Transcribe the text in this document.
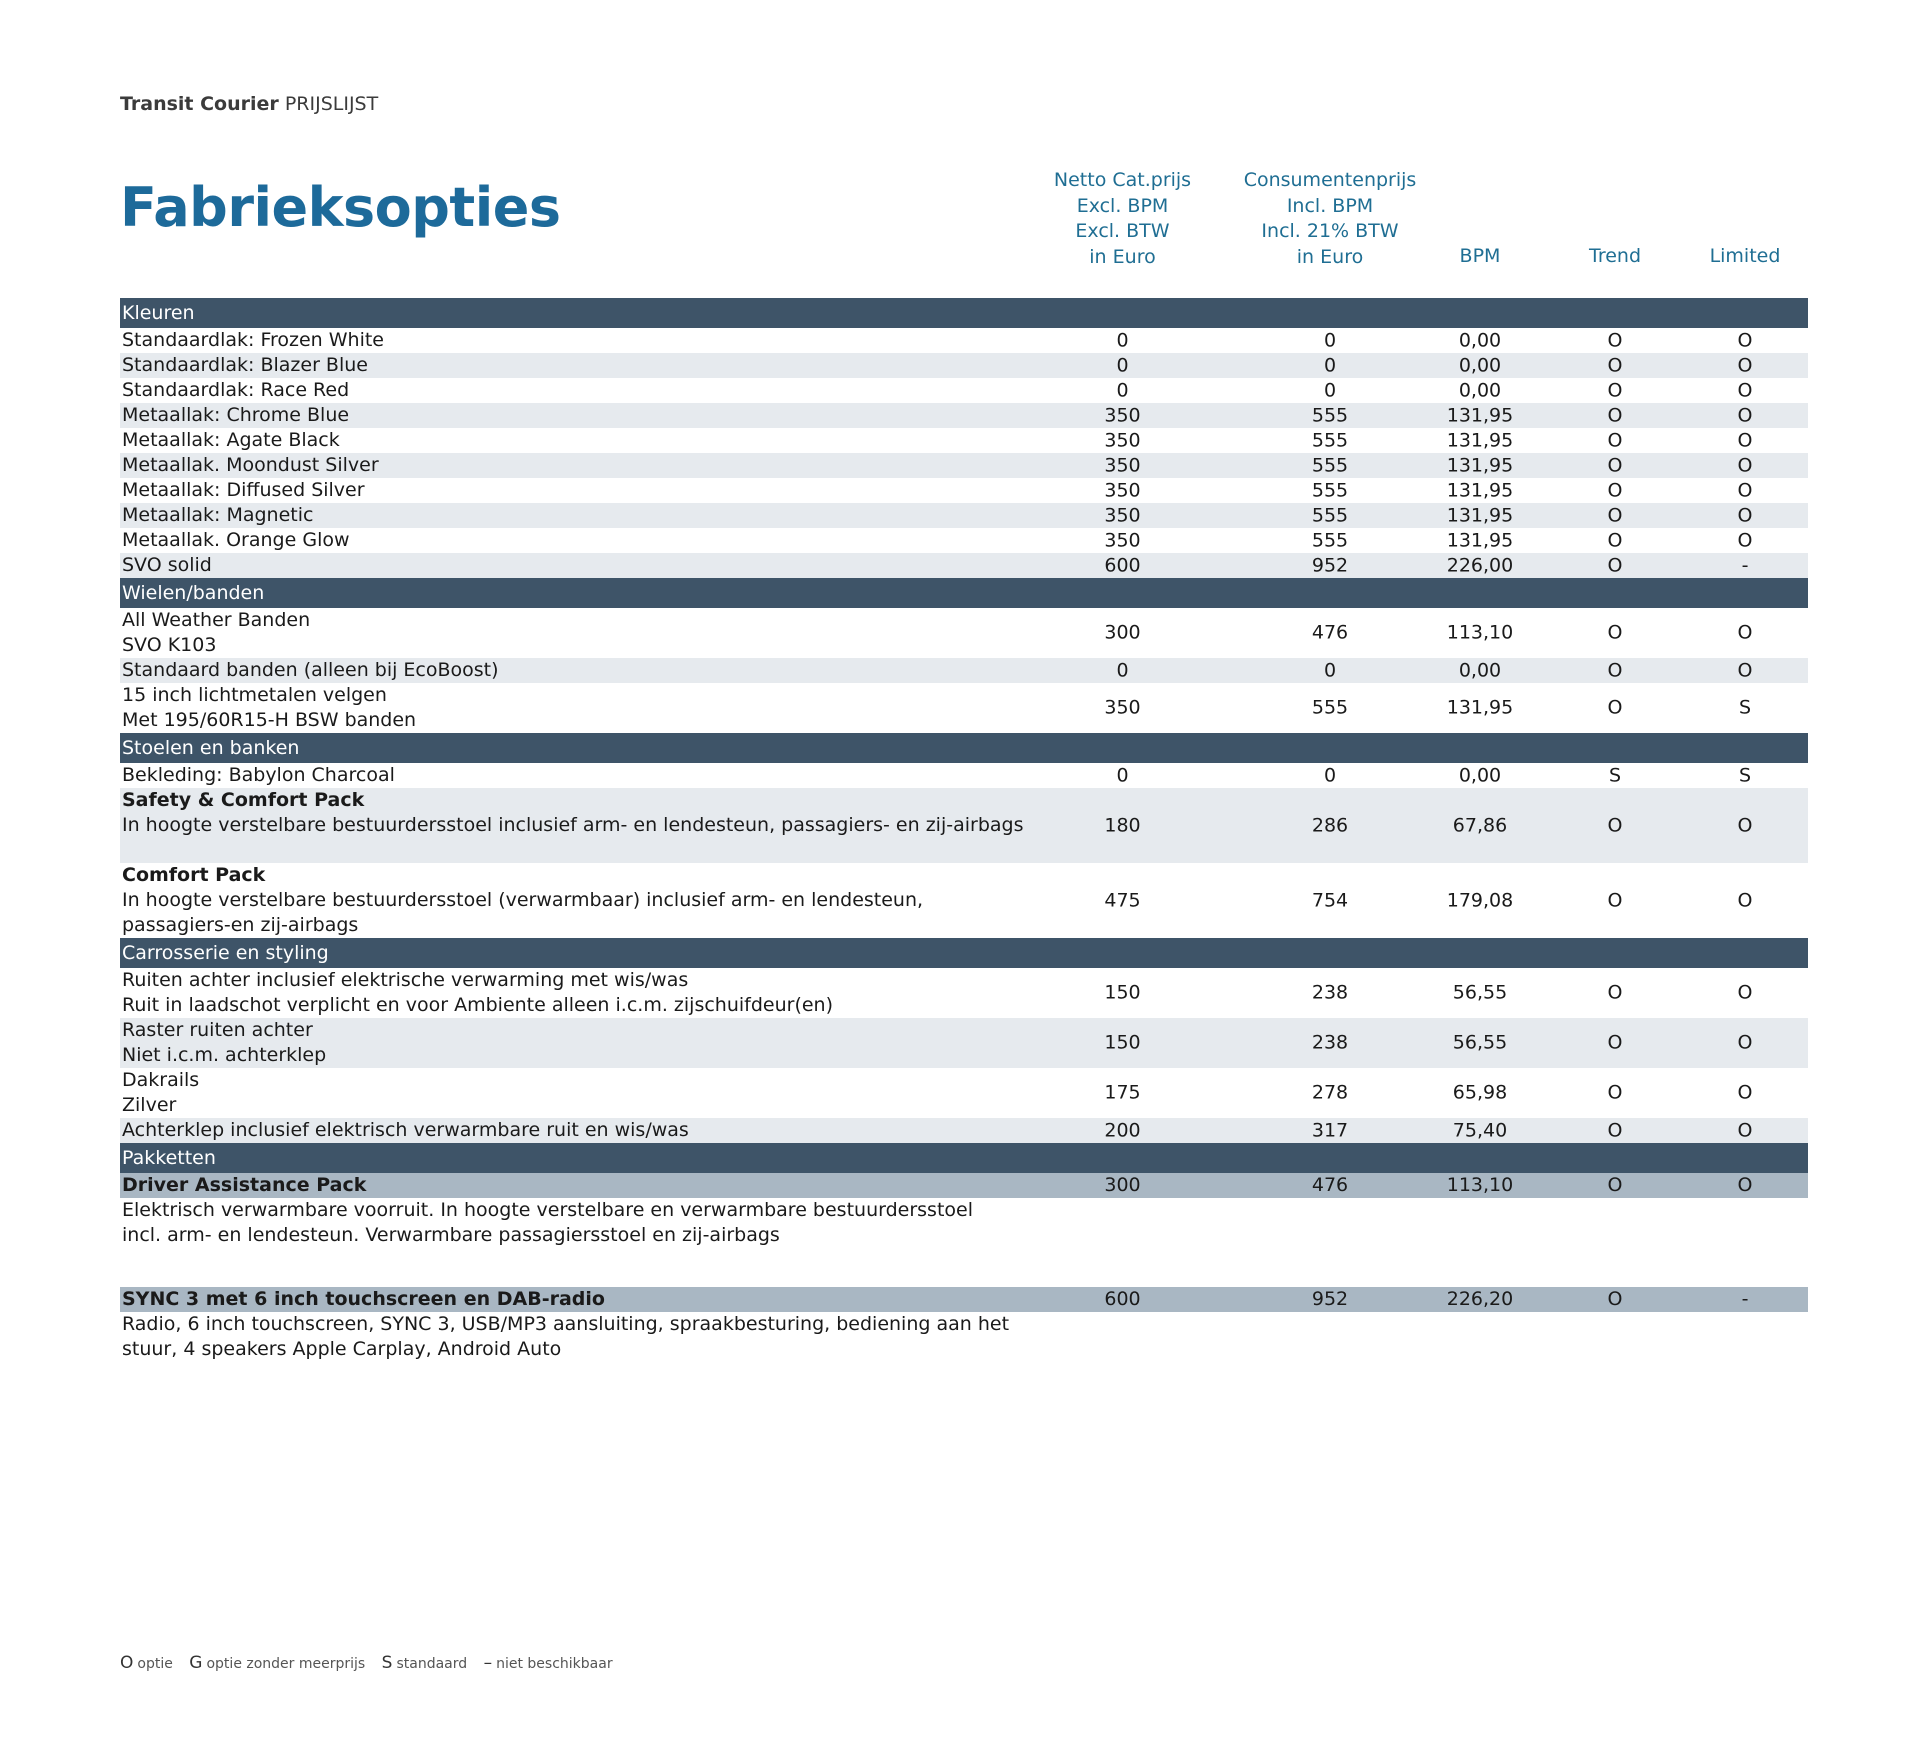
Transit Courier PRIJSLIJST
Fabrieksopties	Netto Cat.prijs
Excl. BPM
Excl. BTW
in Euro
Consumentenprijs
Incl. BPM
Incl. 21% BTW
in Euro	BPM	Trend	Limited
Kleuren
Standaardlak: Frozen White	0	0	0,00	O	O
Standaardlak: Blazer Blue	0	0	0,00	O	O
Standaardlak: Race Red	0	0	0,00	O	O
Metaallak: Chrome Blue	350	555	131,95	O	O
Metaallak: Agate Black	350	555	131,95	O	O
Metaallak. Moondust Silver	350	555	131,95	O	O
Metaallak: Diffused Silver	350	555	131,95	O	O
Metaallak: Magnetic	350	555	131,95	O	O
Metaallak. Orange Glow	350	555	131,95	O	O
SVO solid	600	952	226,00	O	-
Wielen/banden
All Weather Banden
SVO K103
300	476	113,10	O	O
Standaard banden (alleen bij EcoBoost)	0	0	0,00	O	O
15 inch lichtmetalen velgen
Met 195/60R15-H BSW banden
350	555	131,95	O	S
Stoelen en banken
Bekleding: Babylon Charcoal	0	0	0,00	S	S
Safety & Comfort Pack
In hoogte verstelbare bestuurdersstoel inclusief arm- en lendesteun, passagiers- en zij-airbags	180	286	67,86	O	O
Comfort Pack
In hoogte verstelbare bestuurdersstoel (verwarmbaar) inclusief arm- en lendesteun,
passagiers-en zij-airbags
475	754	179,08	O	O
Carrosserie en styling
Ruiten achter inclusief elektrische verwarming met wis/was
Ruit in laadschot verplicht en voor Ambiente alleen i.c.m. zijschuifdeur(en)
150	238	56,55	O	O
Raster ruiten achter
Niet i.c.m. achterklep
150	238	56,55	O	O
Dakrails
Zilver
175	278	65,98	O	O
Achterklep inclusief elektrisch verwarmbare ruit en wis/was	200	317	75,40	O	O
Pakketten
Driver Assistance Pack	300	476	113,10	O	O
Elektrisch verwarmbare voorruit. In hoogte verstelbare en verwarmbare bestuurdersstoel
incl. arm- en lendesteun. Verwarmbare passagiersstoel en zij-airbags
SYNC 3 met 6 inch touchscreen en DAB-radio	600	952	226,20	O	-
Radio, 6 inch touchscreen, SYNC 3, USB/MP3 aansluiting, spraakbesturing, bediening aan het
stuur, 4 speakers Apple Carplay, Android Auto
O optie G optie zonder meerprijs S standaard – niet beschikbaar
